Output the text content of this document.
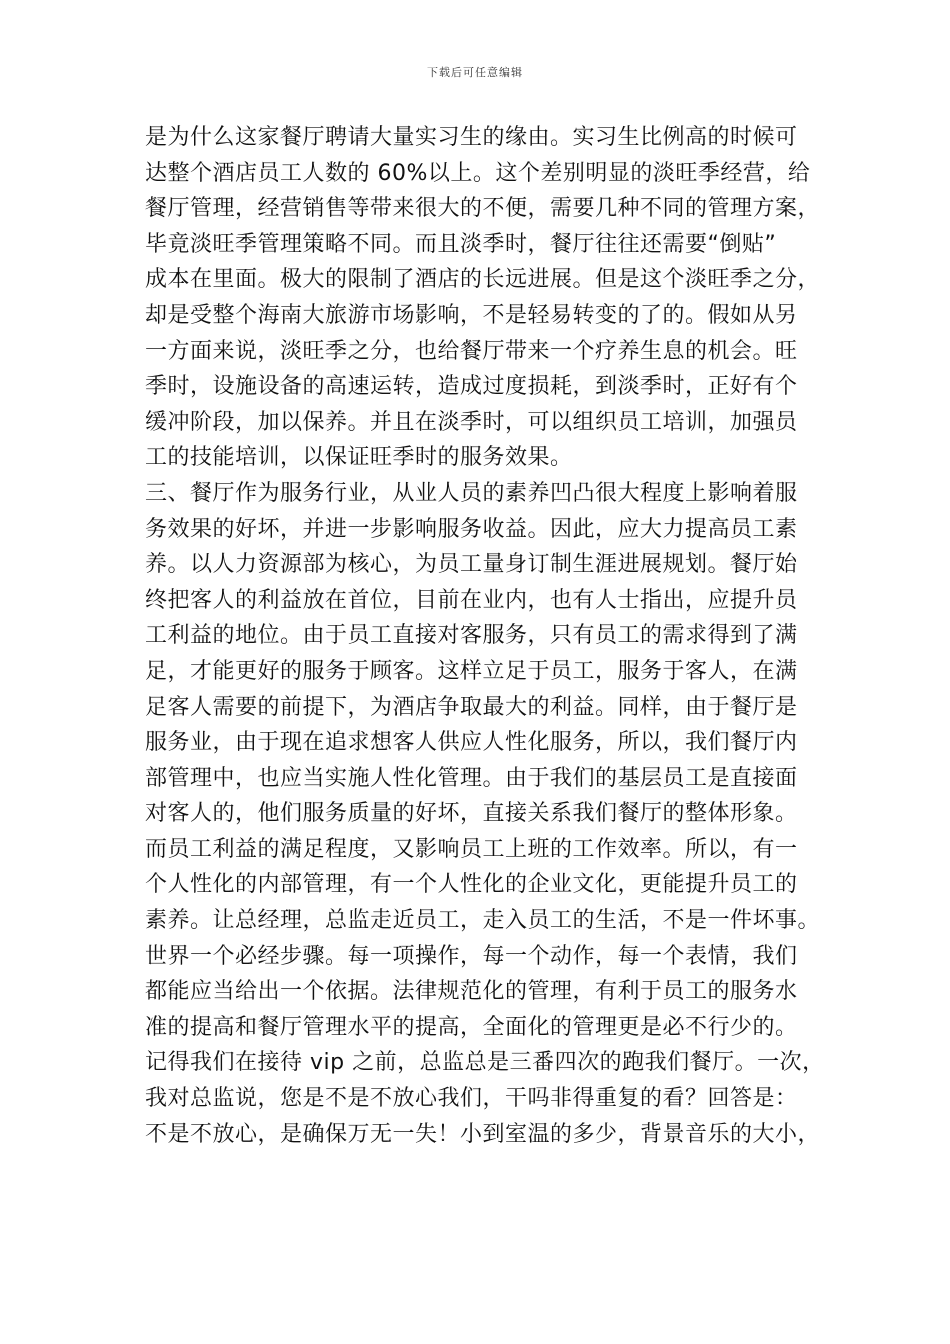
下载后可任意编辑
是为什么这家餐厅聘请大量实习生的缘由。实习生比例高的时候可
达整个酒店员工人数的 60%以上。这个差别明显的淡旺季经营，给
餐厅管理，经营销售等带来很大的不便，需要几种不同的管理方案，
毕竟淡旺季管理策略不同。而且淡季时，餐厅往往还需要“倒贴”
成本在里面。极大的限制了酒店的长远进展。但是这个淡旺季之分，
却是受整个海南大旅游市场影响，不是轻易转变的了的。假如从另
一方面来说，淡旺季之分，也给餐厅带来一个疗养生息的机会。旺
季时，设施设备的高速运转，造成过度损耗，到淡季时，正好有个
缓冲阶段，加以保养。并且在淡季时，可以组织员工培训，加强员
工的技能培训，以保证旺季时的服务效果。
三、餐厅作为服务行业，从业人员的素养凹凸很大程度上影响着服
务效果的好坏，并进一步影响服务收益。因此，应大力提高员工素
养。以人力资源部为核心，为员工量身订制生涯进展规划。餐厅始
终把客人的利益放在首位，目前在业内，也有人士指出，应提升员
工利益的地位。由于员工直接对客服务，只有员工的需求得到了满
足，才能更好的服务于顾客。这样立足于员工，服务于客人，在满
足客人需要的前提下，为酒店争取最大的利益。同样，由于餐厅是
服务业，由于现在追求想客人供应人性化服务，所以，我们餐厅内
部管理中，也应当实施人性化管理。由于我们的基层员工是直接面
对客人的，他们服务质量的好坏，直接关系我们餐厅的整体形象。
而员工利益的满足程度，又影响员工上班的工作效率。所以，有一
个人性化的内部管理，有一个人性化的企业文化，更能提升员工的
素养。让总经理，总监走近员工，走入员工的生活，不是一件坏事。
世界一个必经步骤。每一项操作，每一个动作，每一个表情，我们
都能应当给出一个依据。法律规范化的管理，有利于员工的服务水
准的提高和餐厅管理水平的提高，全面化的管理更是必不行少的。
记得我们在接待 vip 之前，总监总是三番四次的跑我们餐厅。一次，
我对总监说，您是不是不放心我们，干吗非得重复的看？回答是：
不是不放心，是确保万无一失！小到室温的多少，背景音乐的大小，
